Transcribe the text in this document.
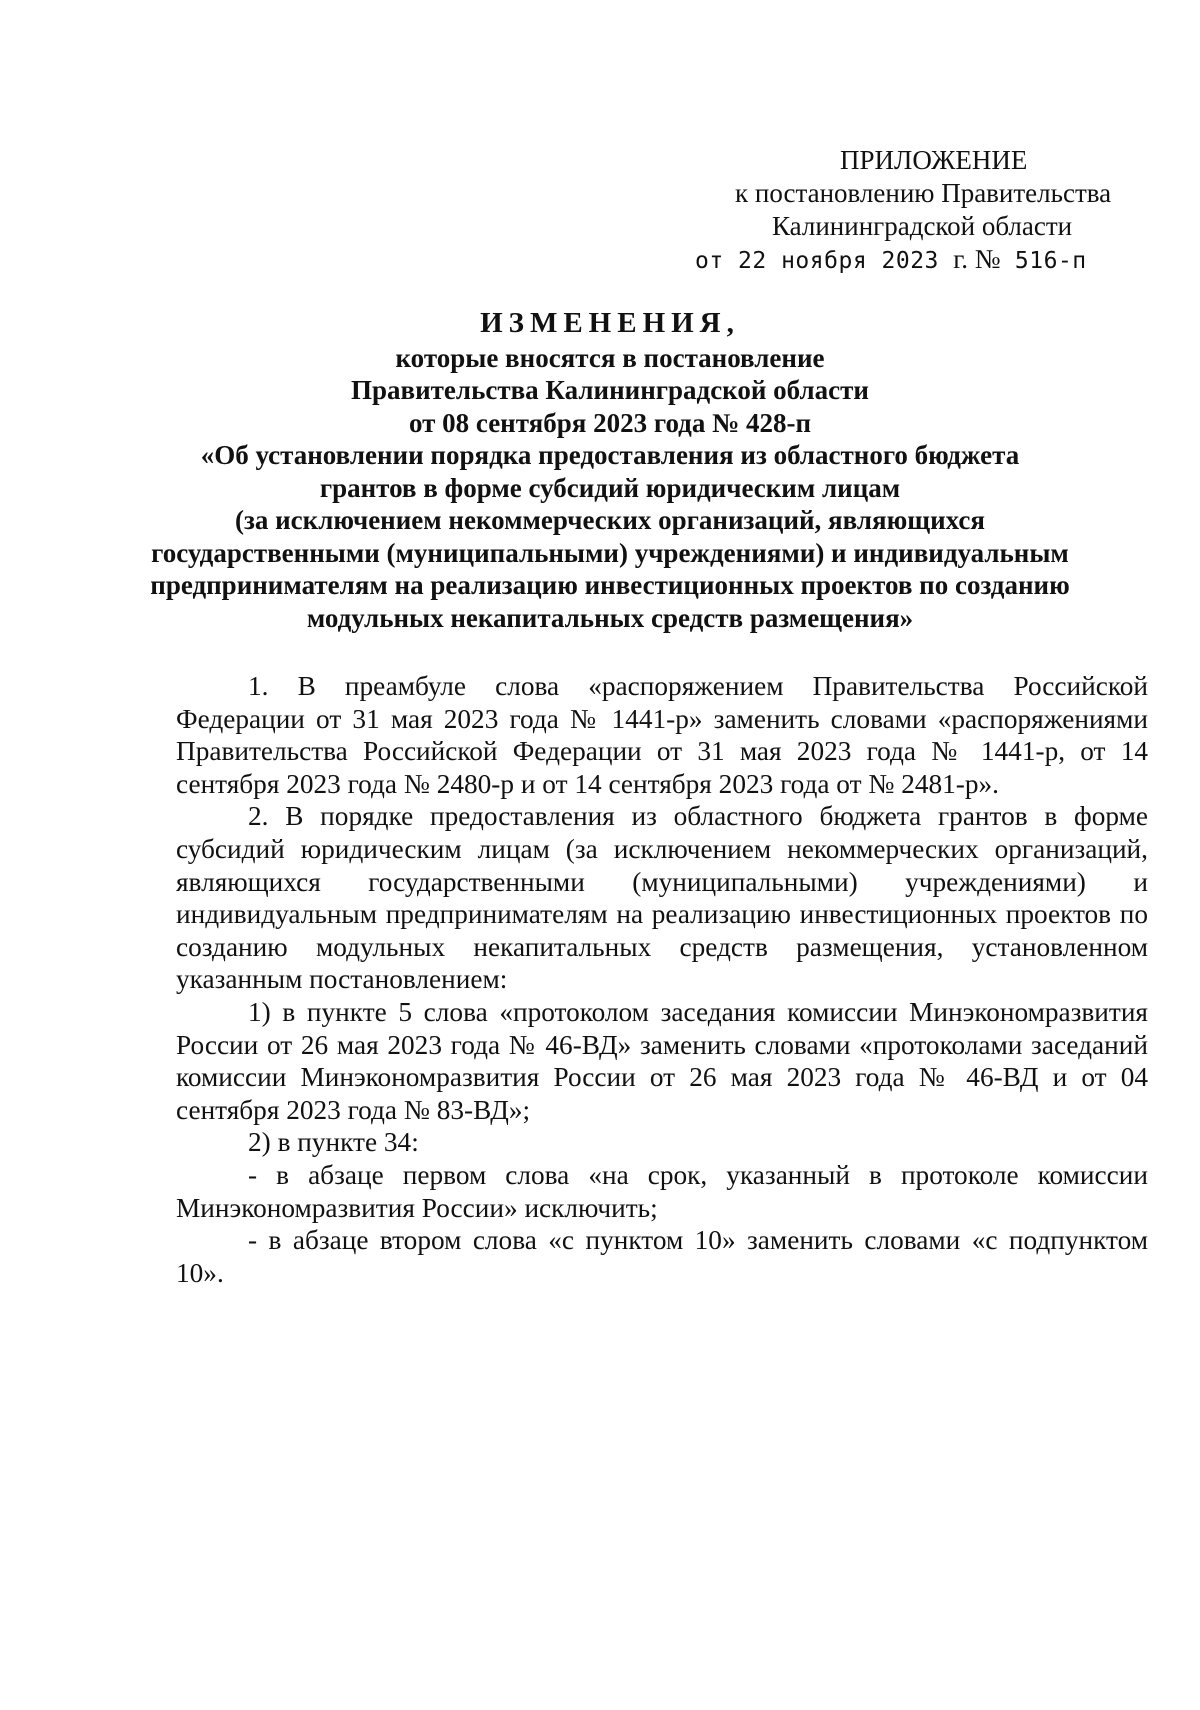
ПРИЛОЖЕНИЕ
к постановлению Правительства
Калининградской области
от 22 ноября 2023 г. № 516-п
ИЗМЕНЕНИЯ,
которые вносятся в постановление
Правительства Калининградской области
от 08 сентября 2023 года № 428-п
«Об установлении порядка предоставления из областного бюджета
грантов в форме субсидий юридическим лицам
(за исключением некоммерческих организаций, являющихся
государственными (муниципальными) учреждениями) и индивидуальным
предпринимателям на реализацию инвестиционных проектов по созданию
модульных некапитальных средств размещения»

1. В преамбуле слова «распоряжением Правительства Российской Федерации от 31 мая 2023 года № 1441-р» заменить словами «распоряжениями Правительства Российской Федерации от 31 мая 2023 года № 1441-р, от 14 сентября 2023 года № 2480-р и от 14 сентября 2023 года от № 2481-р».

2. В порядке предоставления из областного бюджета грантов в форме субсидий юридическим лицам (за исключением некоммерческих организаций, являющихся государственными (муниципальными) учреждениями) и индивидуальным предпринимателям на реализацию инвестиционных проектов по созданию модульных некапитальных средств размещения, установленном указанным постановлением:

1) в пункте 5 слова «протоколом заседания комиссии Минэкономразвития России от 26 мая 2023 года № 46-ВД» заменить словами «протоколами заседаний комиссии Минэкономразвития России от 26 мая 2023 года № 46-ВД и от 04 сентября 2023 года № 83-ВД»;

2) в пункте 34:

- в абзаце первом слова «на срок, указанный в протоколе комиссии Минэкономразвития России» исключить;

- в абзаце втором слова «с пунктом 10» заменить словами «с подпунктом 10».
